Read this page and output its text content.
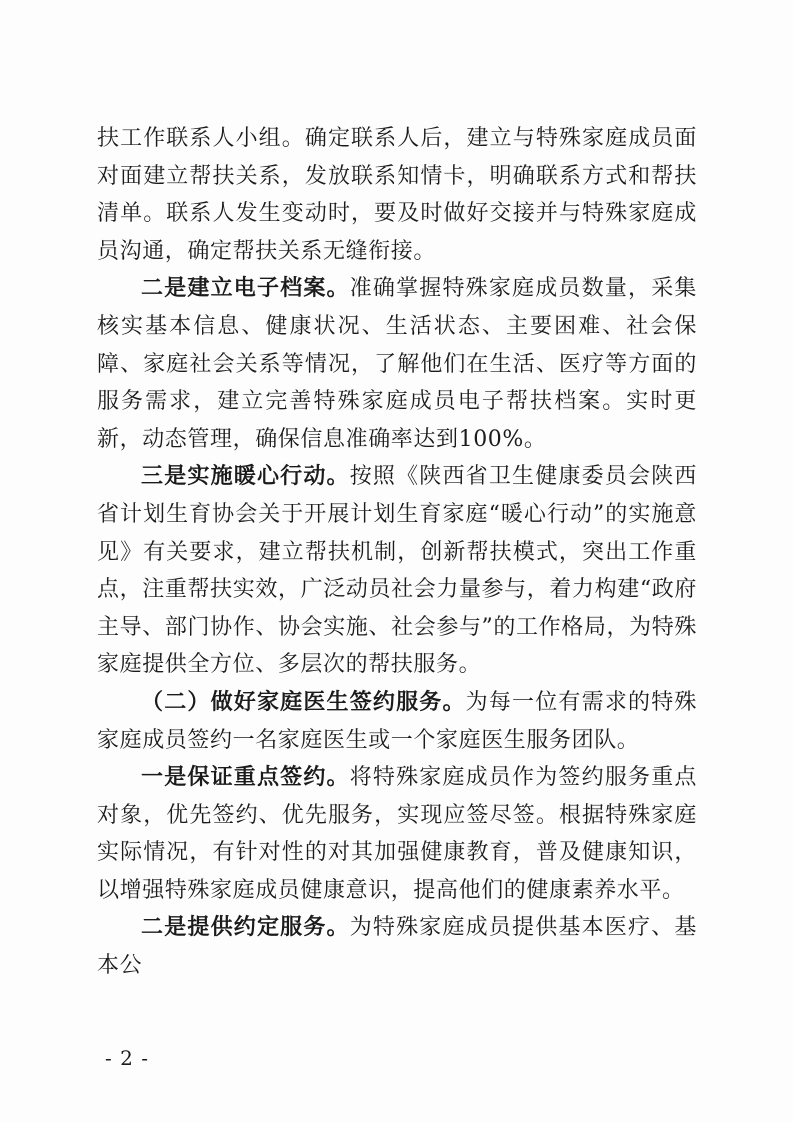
扶工作联系人小组。确定联系人后，建立与特殊家庭成员面对面建立帮扶关系，发放联系知情卡，明确联系方式和帮扶清单。联系人发生变动时，要及时做好交接并与特殊家庭成员沟通，确定帮扶关系无缝衔接。

二是建立电子档案。准确掌握特殊家庭成员数量，采集核实基本信息、健康状况、生活状态、主要困难、社会保障、家庭社会关系等情况，了解他们在生活、医疗等方面的服务需求，建立完善特殊家庭成员电子帮扶档案。实时更新，动态管理，确保信息准确率达到100%。

三是实施暖心行动。按照《陕西省卫生健康委员会陕西省计划生育协会关于开展计划生育家庭“暖心行动”的实施意见》有关要求，建立帮扶机制，创新帮扶模式，突出工作重点，注重帮扶实效，广泛动员社会力量参与，着力构建“政府主导、部门协作、协会实施、社会参与”的工作格局，为特殊家庭提供全方位、多层次的帮扶服务。

（二）做好家庭医生签约服务。为每一位有需求的特殊家庭成员签约一名家庭医生或一个家庭医生服务团队。

一是保证重点签约。将特殊家庭成员作为签约服务重点对象，优先签约、优先服务，实现应签尽签。根据特殊家庭实际情况，有针对性的对其加强健康教育，普及健康知识，以增强特殊家庭成员健康意识，提高他们的健康素养水平。

二是提供约定服务。为特殊家庭成员提供基本医疗、基本公

- 2 -
